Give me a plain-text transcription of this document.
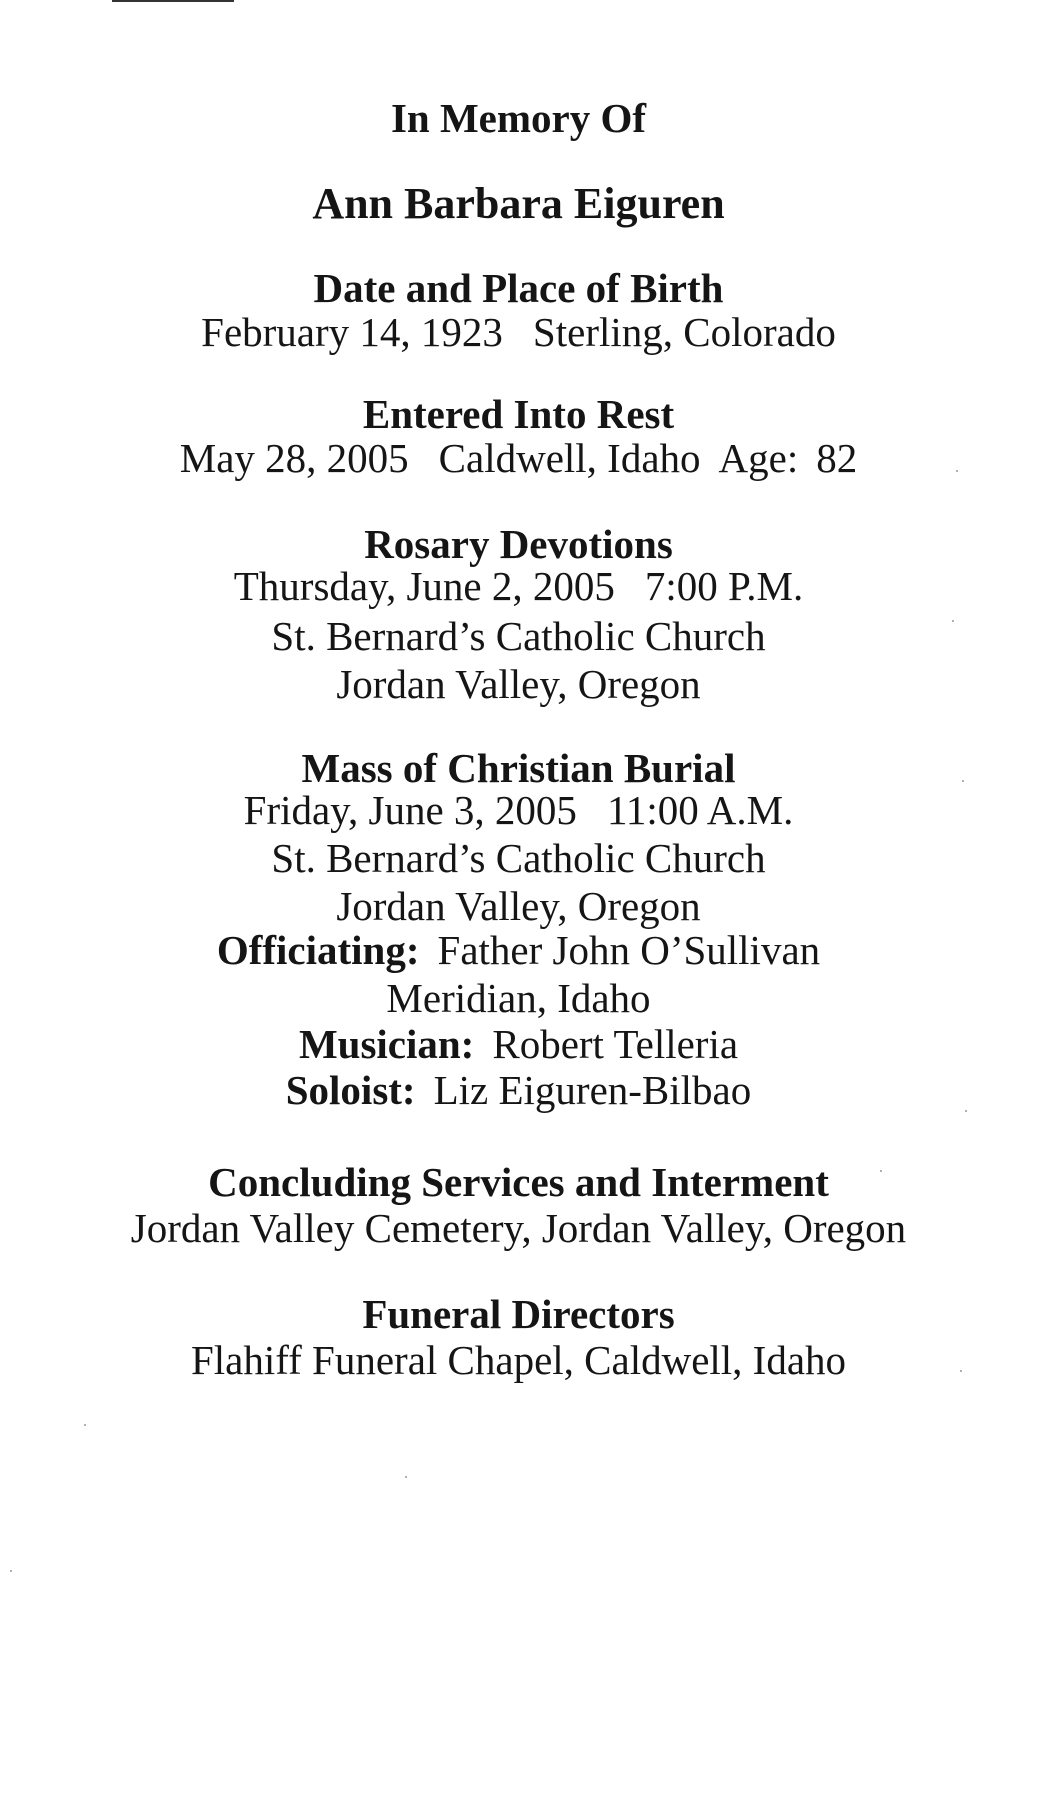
In Memory Of
Ann Barbara Eiguren
Date and Place of Birth
February 14, 1923 Sterling, Colorado
Entered Into Rest
May 28, 2005 Caldwell, Idaho Age: 82
Rosary Devotions
Thursday, June 2, 2005 7:00 P.M.
St. Bernard’s Catholic Church
Jordan Valley, Oregon
Mass of Christian Burial
Friday, June 3, 2005 11:00 A.M.
St. Bernard’s Catholic Church
Jordan Valley, Oregon
Officiating: Father John O’Sullivan
Meridian, Idaho
Musician: Robert Telleria
Soloist: Liz Eiguren-Bilbao
Concluding Services and Interment
Jordan Valley Cemetery, Jordan Valley, Oregon
Funeral Directors
Flahiff Funeral Chapel, Caldwell, Idaho
